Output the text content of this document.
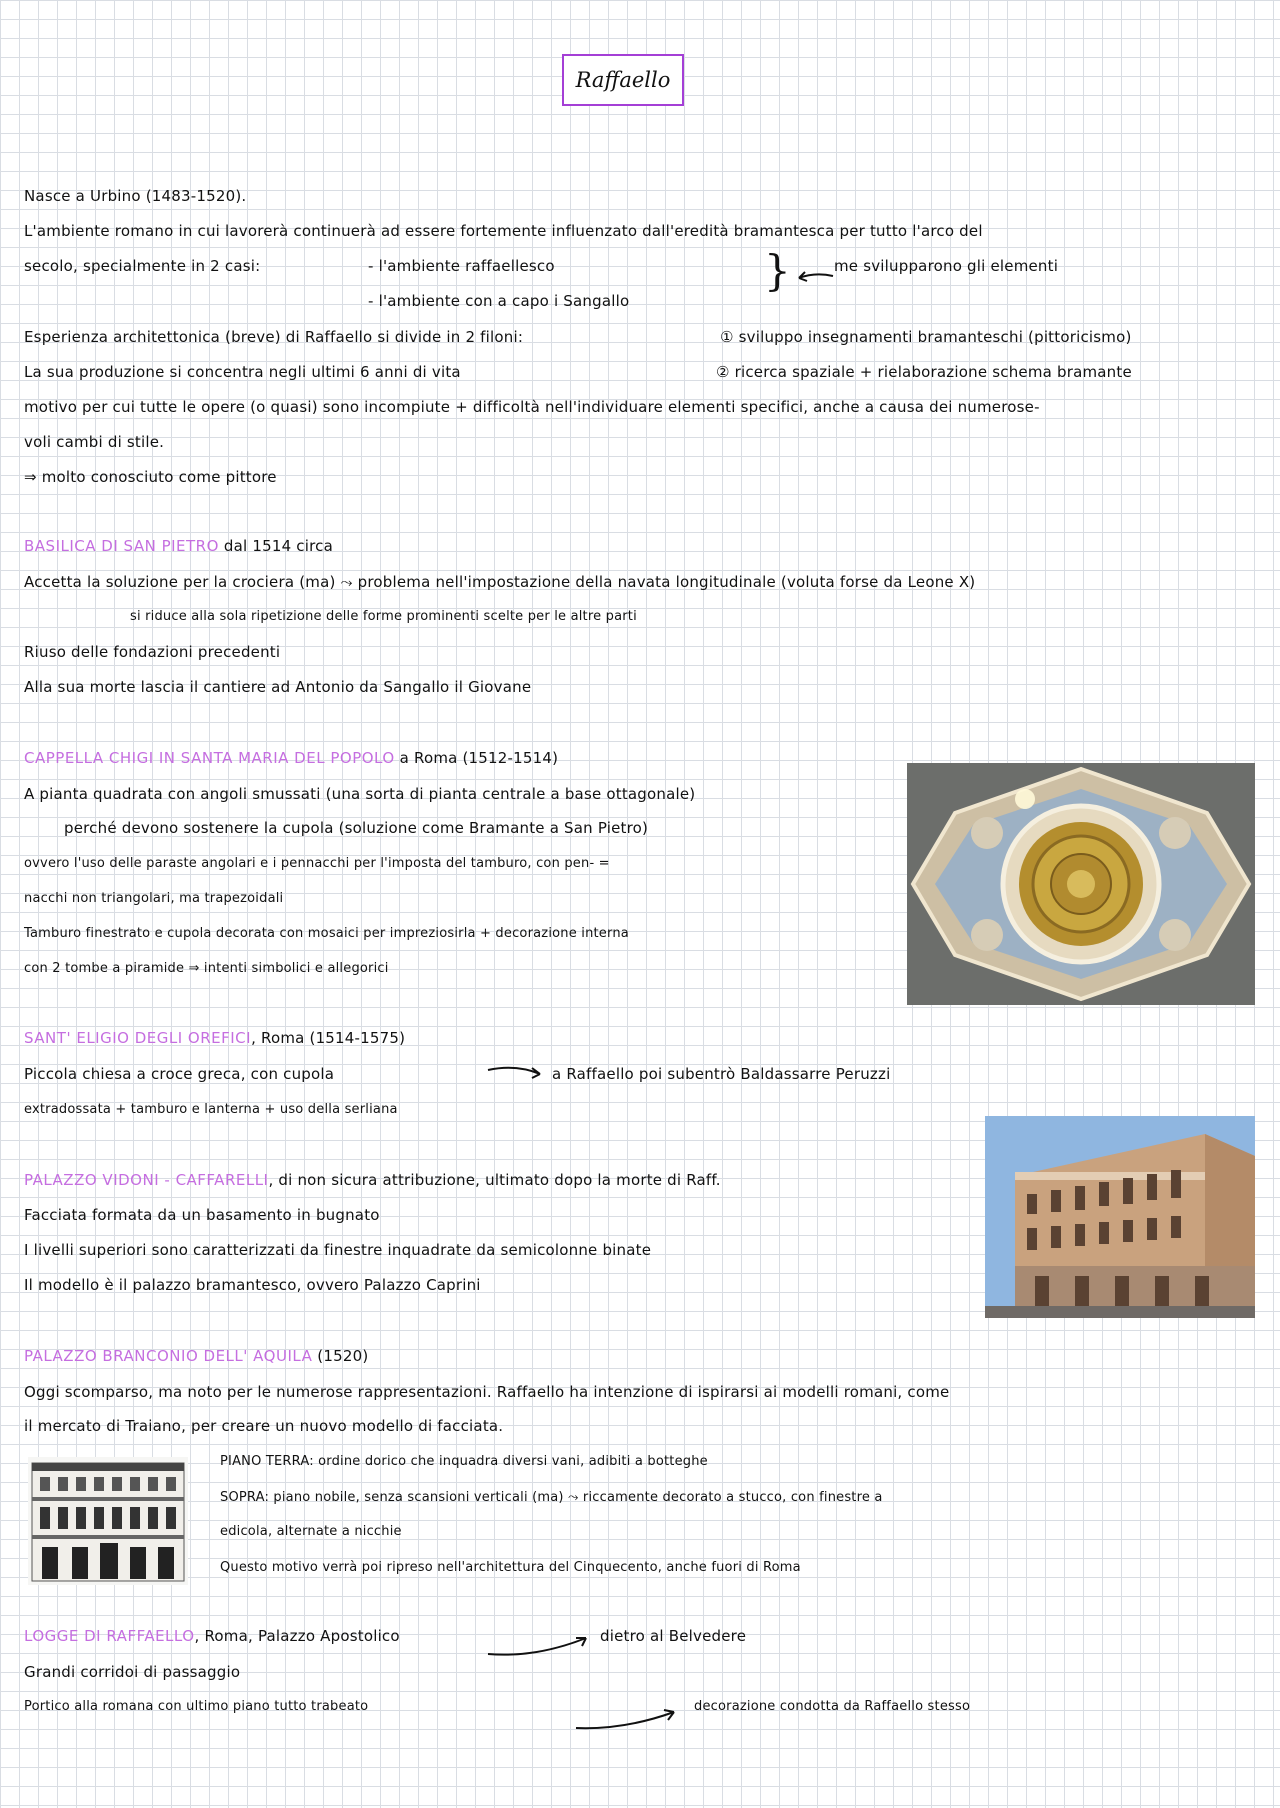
Raffaello
Nasce a Urbino (1483-1520).
L'ambiente romano in cui lavorerà continuerà ad essere fortemente influenzato dall'eredità bramantesca per tutto l'arco del
secolo, specialmente in 2 casi:	- l'ambiente raffaellesco	}	me svilupparono gli elementi
- l'ambiente con a capo i Sangallo
Esperienza architettonica (breve) di Raffaello si divide in 2 filoni:	① sviluppo insegnamenti bramanteschi (pittoricismo)
La sua produzione si concentra negli ultimi 6 anni di vita	② ricerca spaziale + rielaborazione schema bramante
motivo per cui tutte le opere (o quasi) sono incompiute + difficoltà nell'individuare elementi specifici, anche a causa dei numerose-
voli cambi di stile.
⇒ molto conosciuto come pittore
BASILICA DI SAN PIETRO dal 1514 circa
Accetta la soluzione per la crociera (ma) ⤳ problema nell'impostazione della navata longitudinale (voluta forse da Leone X)
si riduce alla sola ripetizione delle forme prominenti scelte per le altre parti
Riuso delle fondazioni precedenti
Alla sua morte lascia il cantiere ad Antonio da Sangallo il Giovane
CAPPELLA CHIGI IN SANTA MARIA DEL POPOLO a Roma (1512-1514)
A pianta quadrata con angoli smussati (una sorta di pianta centrale a base ottagonale)
perché devono sostenere la cupola (soluzione come Bramante a San Pietro)
ovvero l'uso delle paraste angolari e i pennacchi per l'imposta del tamburo, con pen- =
nacchi non triangolari, ma trapezoidali
Tamburo finestrato e cupola decorata con mosaici per impreziosirla + decorazione interna
con 2 tombe a piramide ⇒ intenti simbolici e allegorici
SANT' ELIGIO DEGLI OREFICI, Roma (1514-1575)
Piccola chiesa a croce greca, con cupola	a Raffaello poi subentrò Baldassarre Peruzzi
extradossata + tamburo e lanterna + uso della serliana
PALAZZO VIDONI - CAFFARELLI, di non sicura attribuzione, ultimato dopo la morte di Raff.
Facciata formata da un basamento in bugnato
I livelli superiori sono caratterizzati da finestre inquadrate da semicolonne binate
Il modello è il palazzo bramantesco, ovvero Palazzo Caprini
PALAZZO BRANCONIO DELL' AQUILA (1520)
Oggi scomparso, ma noto per le numerose rappresentazioni. Raffaello ha intenzione di ispirarsi ai modelli romani, come
il mercato di Traiano, per creare un nuovo modello di facciata.
PIANO TERRA: ordine dorico che inquadra diversi vani, adibiti a botteghe
SOPRA: piano nobile, senza scansioni verticali (ma) ⤳ riccamente decorato a stucco, con finestre a
edicola, alternate a nicchie
Questo motivo verrà poi ripreso nell'architettura del Cinquecento, anche fuori di Roma
LOGGE DI RAFFAELLO, Roma, Palazzo Apostolico	dietro al Belvedere
Grandi corridoi di passaggio
Portico alla romana con ultimo piano tutto trabeato	decorazione condotta da Raffaello stesso
